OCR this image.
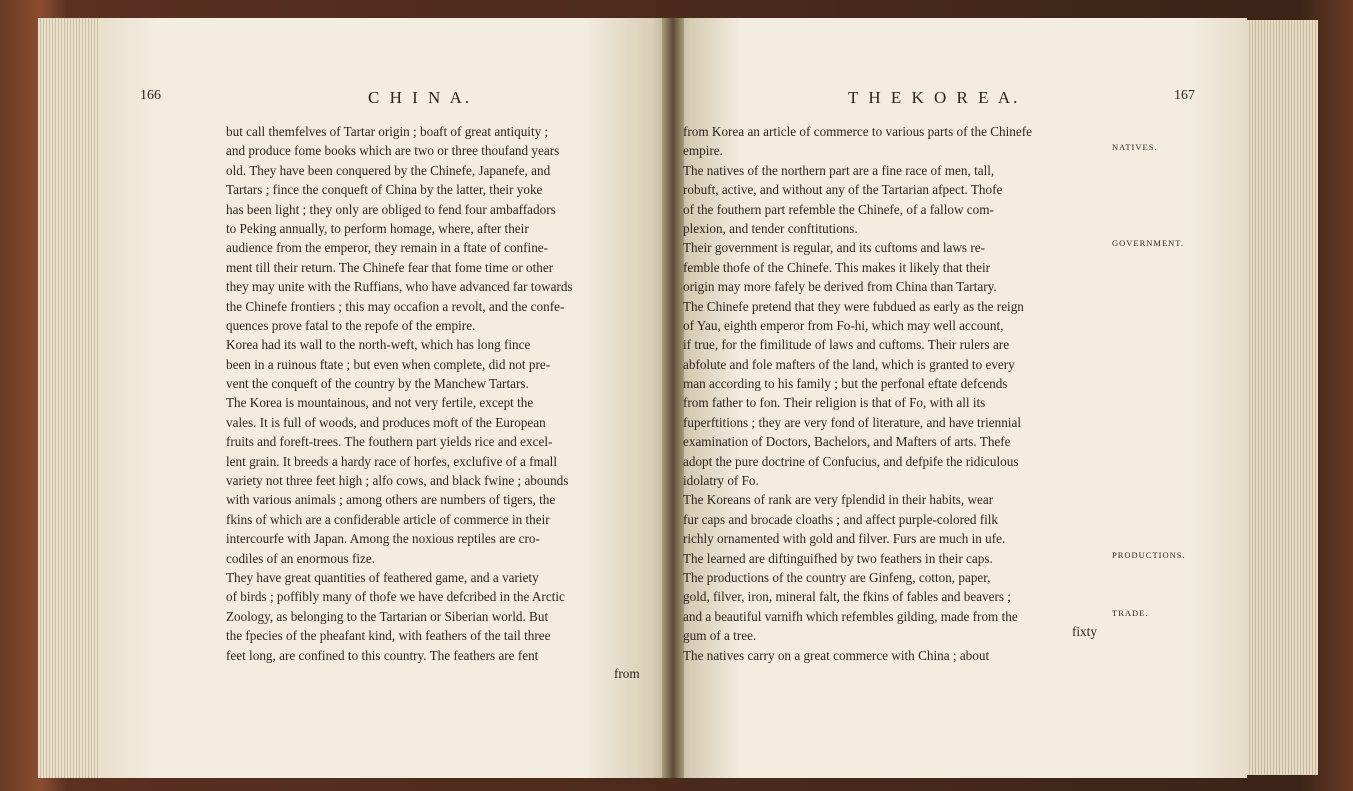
166	C H I N A.
but call themfelves of Tartar origin ; boaft of great antiquity ;
and produce fome books which are two or three thoufand years
old. They have been conquered by the Chinefe, Japanefe, and
Tartars ; fince the conqueft of China by the latter, their yoke
has been light ; they only are obliged to fend four ambaffadors
to Peking annually, to perform homage, where, after their
audience from the emperor, they remain in a ftate of confine-
ment till their return. The Chinefe fear that fome time or other
they may unite with the Ruffians, who have advanced far towards
the Chinefe frontiers ; this may occafion a revolt, and the confe-
quences prove fatal to the repofe of the empire.
Korea had its wall to the north-weft, which has long fince
been in a ruinous ftate ; but even when complete, did not pre-
vent the conqueft of the country by the Manchew Tartars.
The Korea is mountainous, and not very fertile, except the
vales. It is full of woods, and produces moft of the European
fruits and foreft-trees. The fouthern part yields rice and excel-
lent grain. It breeds a hardy race of horfes, exclufive of a fmall
variety not three feet high ; alfo cows, and black fwine ; abounds
with various animals ; among others are numbers of tigers, the
fkins of which are a confiderable article of commerce in their
intercourfe with Japan. Among the noxious reptiles are cro-
codiles of an enormous fize.
They have great quantities of feathered game, and a variety
of birds ; poffibly many of thofe we have defcribed in the Arctic
Zoology, as belonging to the Tartarian or Siberian world. But
the fpecies of the pheafant kind, with feathers of the tail three
feet long, are confined to this country. The feathers are fent
from
T H E K O R E A.	167
from Korea an article of commerce to various parts of the Chinefe
empire.
The natives of the northern part are a fine race of men, tall,
robuft, active, and without any of the Tartarian afpect. Thofe
of the fouthern part refemble the Chinefe, of a fallow com-
plexion, and tender conftitutions.
Their government is regular, and its cuftoms and laws re-
femble thofe of the Chinefe. This makes it likely that their
origin may more fafely be derived from China than Tartary.
The Chinefe pretend that they were fubdued as early as the reign
of Yau, eighth emperor from Fo-hi, which may well account,
if true, for the fimilitude of laws and cuftoms. Their rulers are
abfolute and fole mafters of the land, which is granted to every
man according to his family ; but the perfonal eftate defcends
from father to fon. Their religion is that of Fo, with all its
fuperftitions ; they are very fond of literature, and have triennial
examination of Doctors, Bachelors, and Mafters of arts. Thefe
adopt the pure doctrine of Confucius, and defpife the ridiculous
idolatry of Fo.
The Koreans of rank are very fplendid in their habits, wear
fur caps and brocade cloaths ; and affect purple-colored filk
richly ornamented with gold and filver. Furs are much in ufe.
The learned are diftinguifhed by two feathers in their caps.
The productions of the country are Ginfeng, cotton, paper,
gold, filver, iron, mineral falt, the fkins of fables and beavers ;
and a beautiful varnifh which refembles gilding, made from the
gum of a tree.
The natives carry on a great commerce with China ; about
fixty
NATIVES.
GOVERNMENT.
PRODUCTIONS.
TRADE.
